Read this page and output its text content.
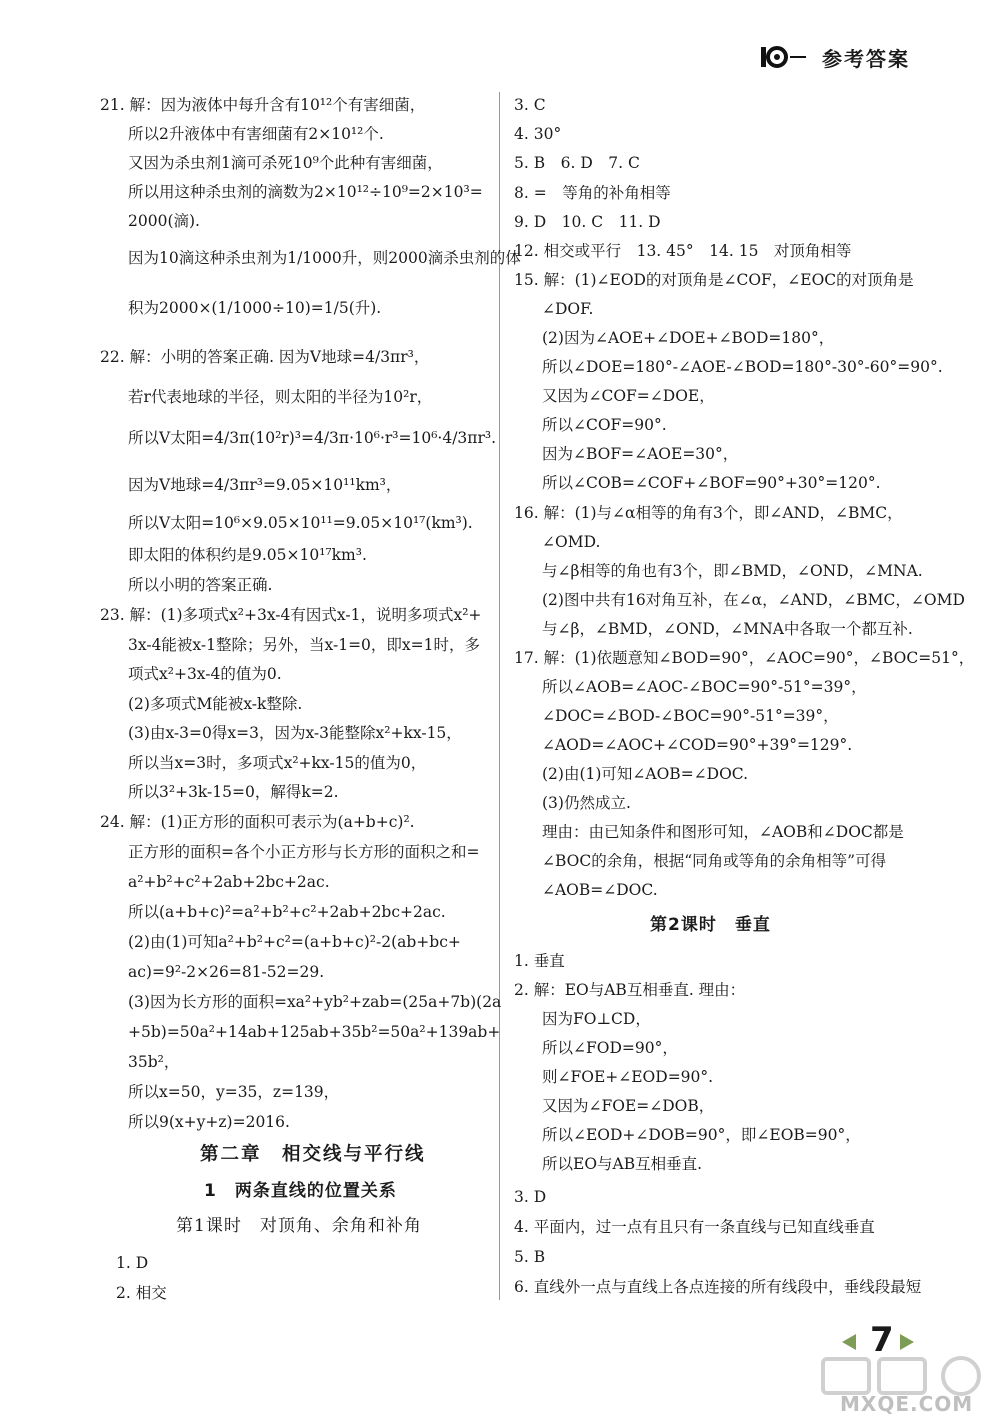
参考答案
21. 解：因为液体中每升含有10¹²个有害细菌，
所以2升液体中有害细菌有2×10¹²个.
又因为杀虫剂1滴可杀死10⁹个此种有害细菌，
所以用这种杀虫剂的滴数为2×10¹²÷10⁹=2×10³=
2000(滴).
因为10滴这种杀虫剂为1/1000升，则2000滴杀虫剂的体
积为2000×(1/1000÷10)=1/5(升).
22. 解：小明的答案正确. 因为V地球=4/3πr³，
若r代表地球的半径，则太阳的半径为10²r，
所以V太阳=4/3π(10²r)³=4/3π·10⁶·r³=10⁶·4/3πr³.
因为V地球=4/3πr³=9.05×10¹¹km³，
所以V太阳=10⁶×9.05×10¹¹=9.05×10¹⁷(km³).
即太阳的体积约是9.05×10¹⁷km³.
所以小明的答案正确.
23. 解：(1)多项式x²+3x-4有因式x-1，说明多项式x²+
3x-4能被x-1整除；另外，当x-1=0，即x=1时，多
项式x²+3x-4的值为0.
(2)多项式M能被x-k整除.
(3)由x-3=0得x=3，因为x-3能整除x²+kx-15，
所以当x=3时，多项式x²+kx-15的值为0，
所以3²+3k-15=0，解得k=2.
24. 解：(1)正方形的面积可表示为(a+b+c)².
正方形的面积=各个小正方形与长方形的面积之和=
a²+b²+c²+2ab+2bc+2ac.
所以(a+b+c)²=a²+b²+c²+2ab+2bc+2ac.
(2)由(1)可知a²+b²+c²=(a+b+c)²-2(ab+bc+
ac)=9²-2×26=81-52=29.
(3)因为长方形的面积=xa²+yb²+zab=(25a+7b)(2a
+5b)=50a²+14ab+125ab+35b²=50a²+139ab+
35b²，
所以x=50，y=35，z=139，
所以9(x+y+z)=2016.
第二章　相交线与平行线
1　两条直线的位置关系
第1课时　对顶角、余角和补角
1. D
2. 相交
3. C
4. 30°
5. B　6. D　7. C
8. =　等角的补角相等
9. D　10. C　11. D
12. 相交或平行　13. 45°　14. 15　对顶角相等
15. 解：(1)∠EOD的对顶角是∠COF，∠EOC的对顶角是
∠DOF.
(2)因为∠AOE+∠DOE+∠BOD=180°，
所以∠DOE=180°-∠AOE-∠BOD=180°-30°-60°=90°.
又因为∠COF=∠DOE，
所以∠COF=90°.
因为∠BOF=∠AOE=30°，
所以∠COB=∠COF+∠BOF=90°+30°=120°.
16. 解：(1)与∠α相等的角有3个，即∠AND，∠BMC，
∠OMD.
与∠β相等的角也有3个，即∠BMD，∠OND，∠MNA.
(2)图中共有16对角互补，在∠α，∠AND，∠BMC，∠OMD
与∠β，∠BMD，∠OND，∠MNA中各取一个都互补.
17. 解：(1)依题意知∠BOD=90°，∠AOC=90°，∠BOC=51°，
所以∠AOB=∠AOC-∠BOC=90°-51°=39°，
∠DOC=∠BOD-∠BOC=90°-51°=39°，
∠AOD=∠AOC+∠COD=90°+39°=129°.
(2)由(1)可知∠AOB=∠DOC.
(3)仍然成立.
理由：由已知条件和图形可知，∠AOB和∠DOC都是
∠BOC的余角，根据“同角或等角的余角相等”可得
∠AOB=∠DOC.
第2课时　垂直
1. 垂直
2. 解：EO与AB互相垂直. 理由：
因为FO⊥CD，
所以∠FOD=90°，
则∠FOE+∠EOD=90°.
又因为∠FOE=∠DOB，
所以∠EOD+∠DOB=90°，即∠EOB=90°，
所以EO与AB互相垂直.
3. D
4. 平面内，过一点有且只有一条直线与已知直线垂直
5. B
6. 直线外一点与直线上各点连接的所有线段中，垂线段最短
7
MXQE.COM
